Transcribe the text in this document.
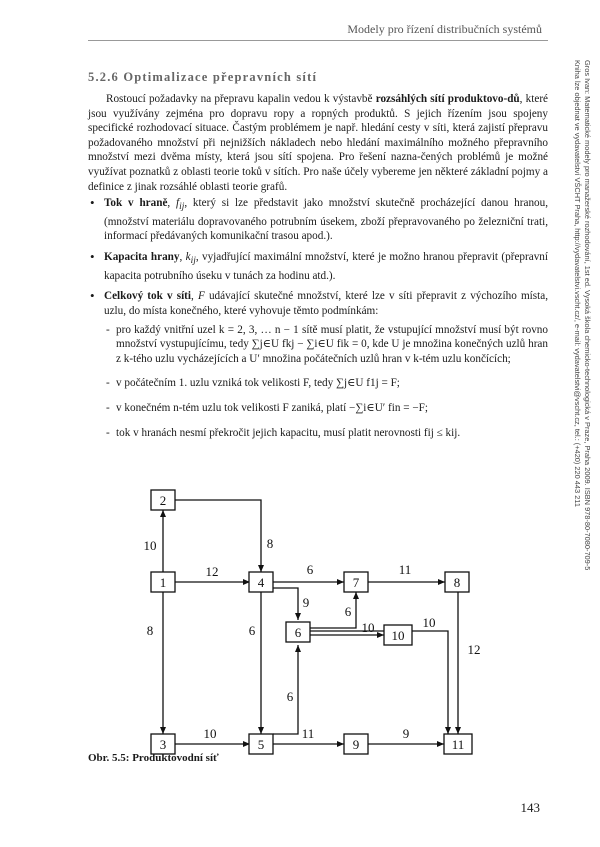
Modely pro řízení distribučních systémů
5.2.6 Optimalizace přepravních sítí

Rostoucí požadavky na přepravu kapalin vedou k výstavbě rozsáhlých sítí produktovo-dů, které jsou využívány zejména pro dopravu ropy a ropných produktů. S jejich řízením jsou spojeny specifické rozhodovací situace. Častým problémem je např. hledání cesty v síti, která zajistí přepravu požadovaného množství při nejnižších nákladech nebo hledání maximálního možného přepravního množství mezi dvěma místy, která jsou sítí spojena. Pro řešení nazna-čených problémů je možné využívat poznatků z oblasti teorie toků v sítích. Pro naše účely vybereme jen některé základní pojmy a definice z jinak rozsáhlé oblasti teorie grafů.

• Tok v hraně, $f_{ij}$, který si lze představit jako množství skutečně procházející danou hranou, (množství materiálu dopravovaného potrubním úsekem, zboží přepravovaného po železniční trati, informací předávaných komunikační trasou apod.).
• Kapacita hrany, $k_{ij}$, vyjadřující maximální množství, které je možno hranou přepravit (přepravní kapacita potrubního úseku v tunách za hodinu atd.).
• Celkový tok v síti, F udávající skutečné množství, které lze v síti přepravit z výchozího místa, uzlu, do místa konečného, které vyhovuje těmto podmínkám:
- pro každý vnitřní uzel k = 2, 3, … n − 1 sítě musí platit, že vstupující množství musí být rovno množství vystupujícímu, tedy ∑j∈U fkj − ∑i∈U fik = 0, kde U je množina konečných uzlů hran z k-tého uzlu vycházejících a U′ množina počátečních uzlů hran v k-tém uzlu končících;
- v počátečním 1. uzlu vzniká tok velikosti F, tedy ∑j∈U f1j = F;
- v konečném n-tém uzlu tok velikosti F zaniká, platí −∑i∈U′ fin = −F;
- tok v hranách nesmí překročit jejich kapacitu, musí platit nerovnosti fij ≤ kij.
1
2
3
4
5
6
7	8
9
10
11
10
12
8
8
6
9
6
11
6
10	10
6
10	11	9
12
Obr. 5.5: Produktovodní síť
143
Gros Ivan: Matematické modely pro manažerské rozhodování, 1st ed. Vysoká škola chemicko-technologická v Praze, Praha 2009. ISBN 978-80-7080-709-5
Kniha lze objednat ve vydavatelství VŠCHT Praha, http://vydavatelstvi.vscht.cz/, e-mail: vydavatelstvi@vscht.cz, tel.: (+420) 220 443 211
